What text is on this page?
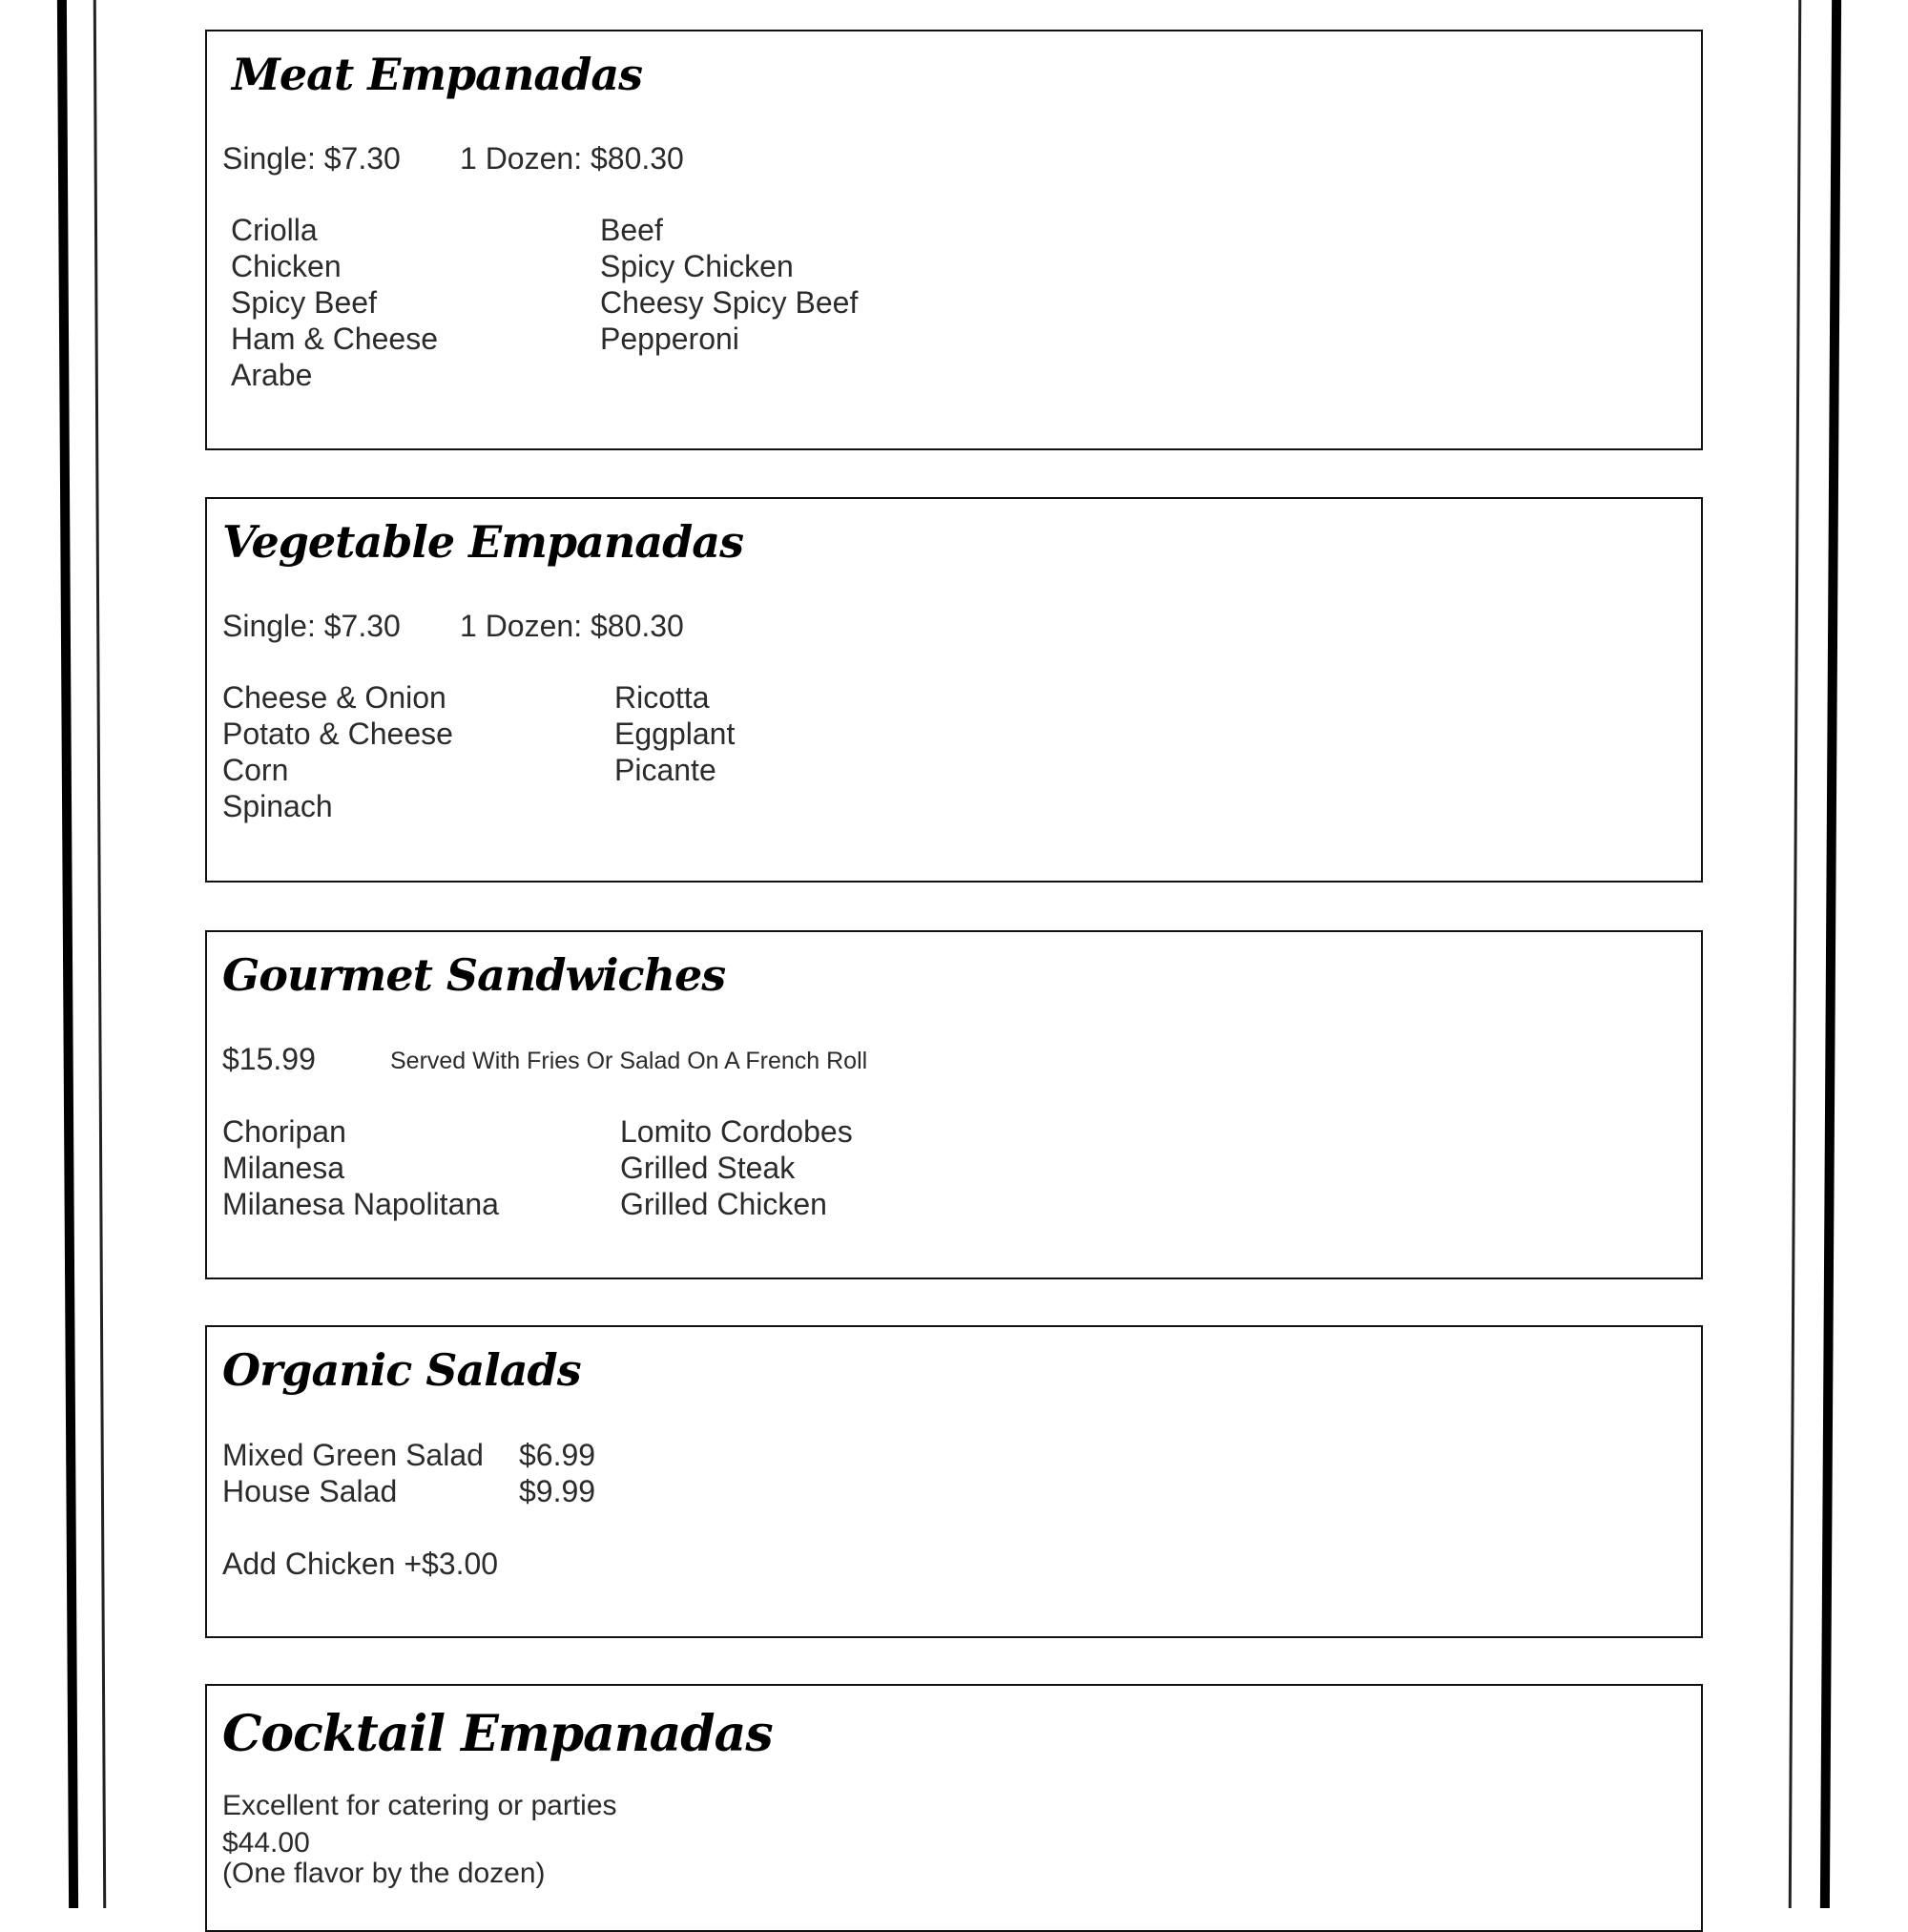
Meat Empanadas

Single: $7.30 1 Dozen: $80.30

Criolla
Chicken
Spicy Beef
Ham & Cheese
Arabe
Beef
Spicy Chicken
Cheesy Spicy Beef
Pepperoni
Vegetable Empanadas

Single: $7.30 1 Dozen: $80.30

Cheese & Onion
Potato & Cheese
Corn
Spinach
Ricotta
Eggplant
Picante
Gourmet Sandwiches

$15.99	Served With Fries Or Salad On A French Roll

Choripan
Milanesa
Milanesa Napolitana
Lomito Cordobes
Grilled Steak
Grilled Chicken
Organic Salads

Mixed Green Salad $6.99

House Salad	$9.99

Add Chicken +$3.00

Cocktail Empanadas

Excellent for catering or parties

$44.00

(One flavor by the dozen)
